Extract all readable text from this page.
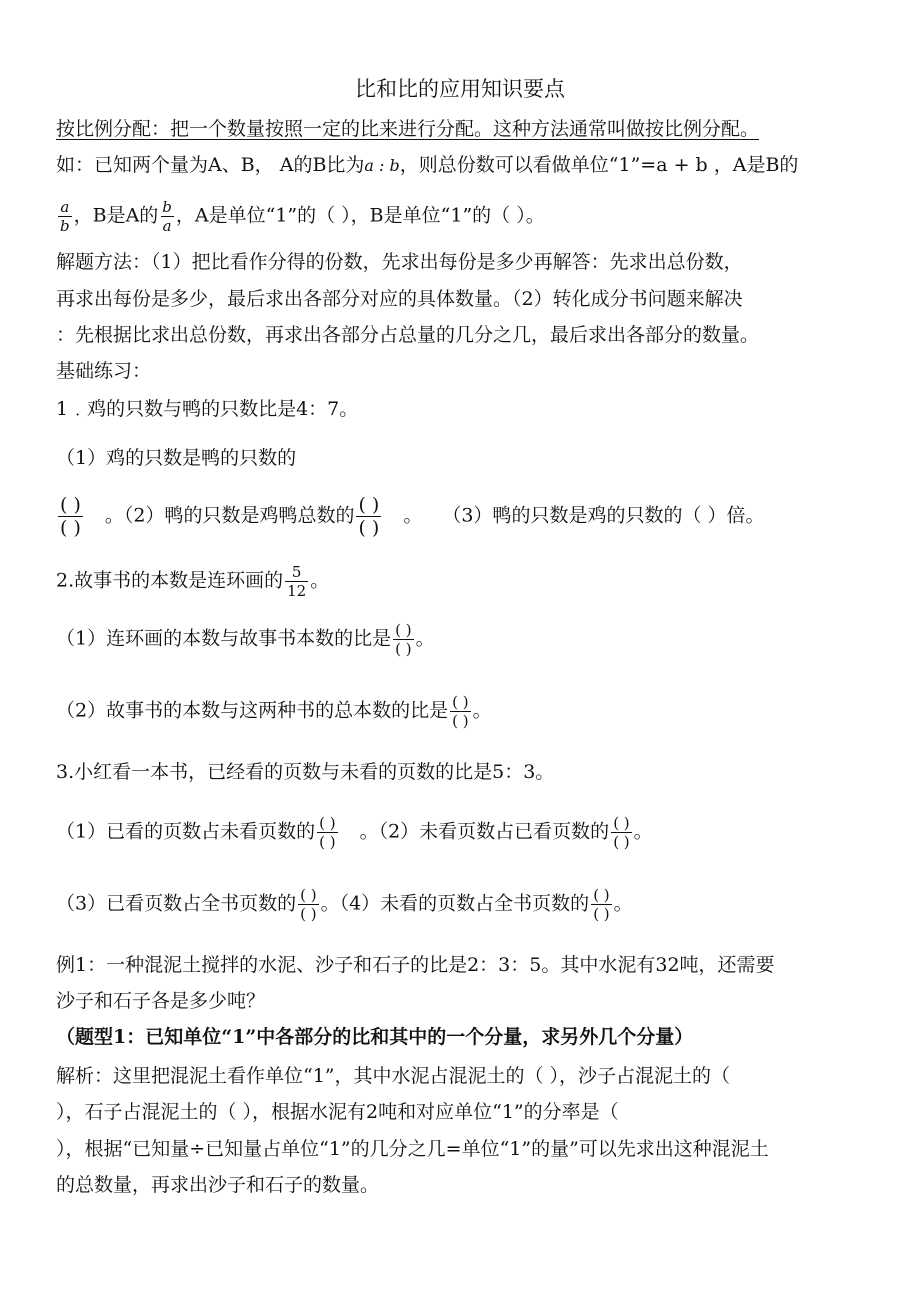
比和比的应用知识要点
按比例分配：把一个数量按照一定的比来进行分配。这种方法通常叫做按比例分配。
如：已知两个量为A、B， A的B比为a : b，则总份数可以看做单位“1”=a + b ，A是B的
$\frac{a}{b}$ ，B是A的 $\frac{b}{a}$ ，A是单位“1”的（ ），B是单位“1”的（ ）。
解题方法：（1）把比看作分得的份数，先求出每份是多少再解答：先求出总份数，
再求出每份是多少，最后求出各部分对应的具体数量。（2）转化成分书问题来解决
：先根据比求出总份数，再求出各部分占总量的几分之几，最后求出各部分的数量。
基础练习：
1﹒鸡的只数与鸭的只数比是4：7。
（1）鸡的只数是鸭的只数的
$\frac{( )}{( )}$ 。（2）鸭的只数是鸡鸭总数的 $\frac{( )}{( )}$ 。 （3）鸭的只数是鸡的只数的（ ）倍。
2.故事书的本数是连环画的 $\frac{5}{12}$ 。
（1）连环画的本数与故事书本数的比是 $\frac{( )}{( )}$ 。
（2）故事书的本数与这两种书的总本数的比是 $\frac{( )}{( )}$ 。
3.小红看一本书，已经看的页数与未看的页数的比是5：3。
（1）已看的页数占未看页数的 $\frac{( )}{( )}$ 。（2）未看页数占已看页数的 $\frac{( )}{( )}$ 。
（3）已看页数占全书页数的 $\frac{( )}{( )}$ 。（4）未看的页数占全书页数的 $\frac{( )}{( )}$ 。
例1：一种混泥土搅拌的水泥、沙子和石子的比是2：3：5。其中水泥有32吨，还需要
沙子和石子各是多少吨？
（题型1：已知单位“1”中各部分的比和其中的一个分量，求另外几个分量）
解析：这里把混泥土看作单位“1”，其中水泥占混泥土的（ ），沙子占混泥土的（
），石子占混泥土的（ ），根据水泥有2吨和对应单位“1”的分率是（
），根据“已知量÷已知量占单位“1”的几分之几=单位“1”的量”可以先求出这种混泥土
的总数量，再求出沙子和石子的数量。
